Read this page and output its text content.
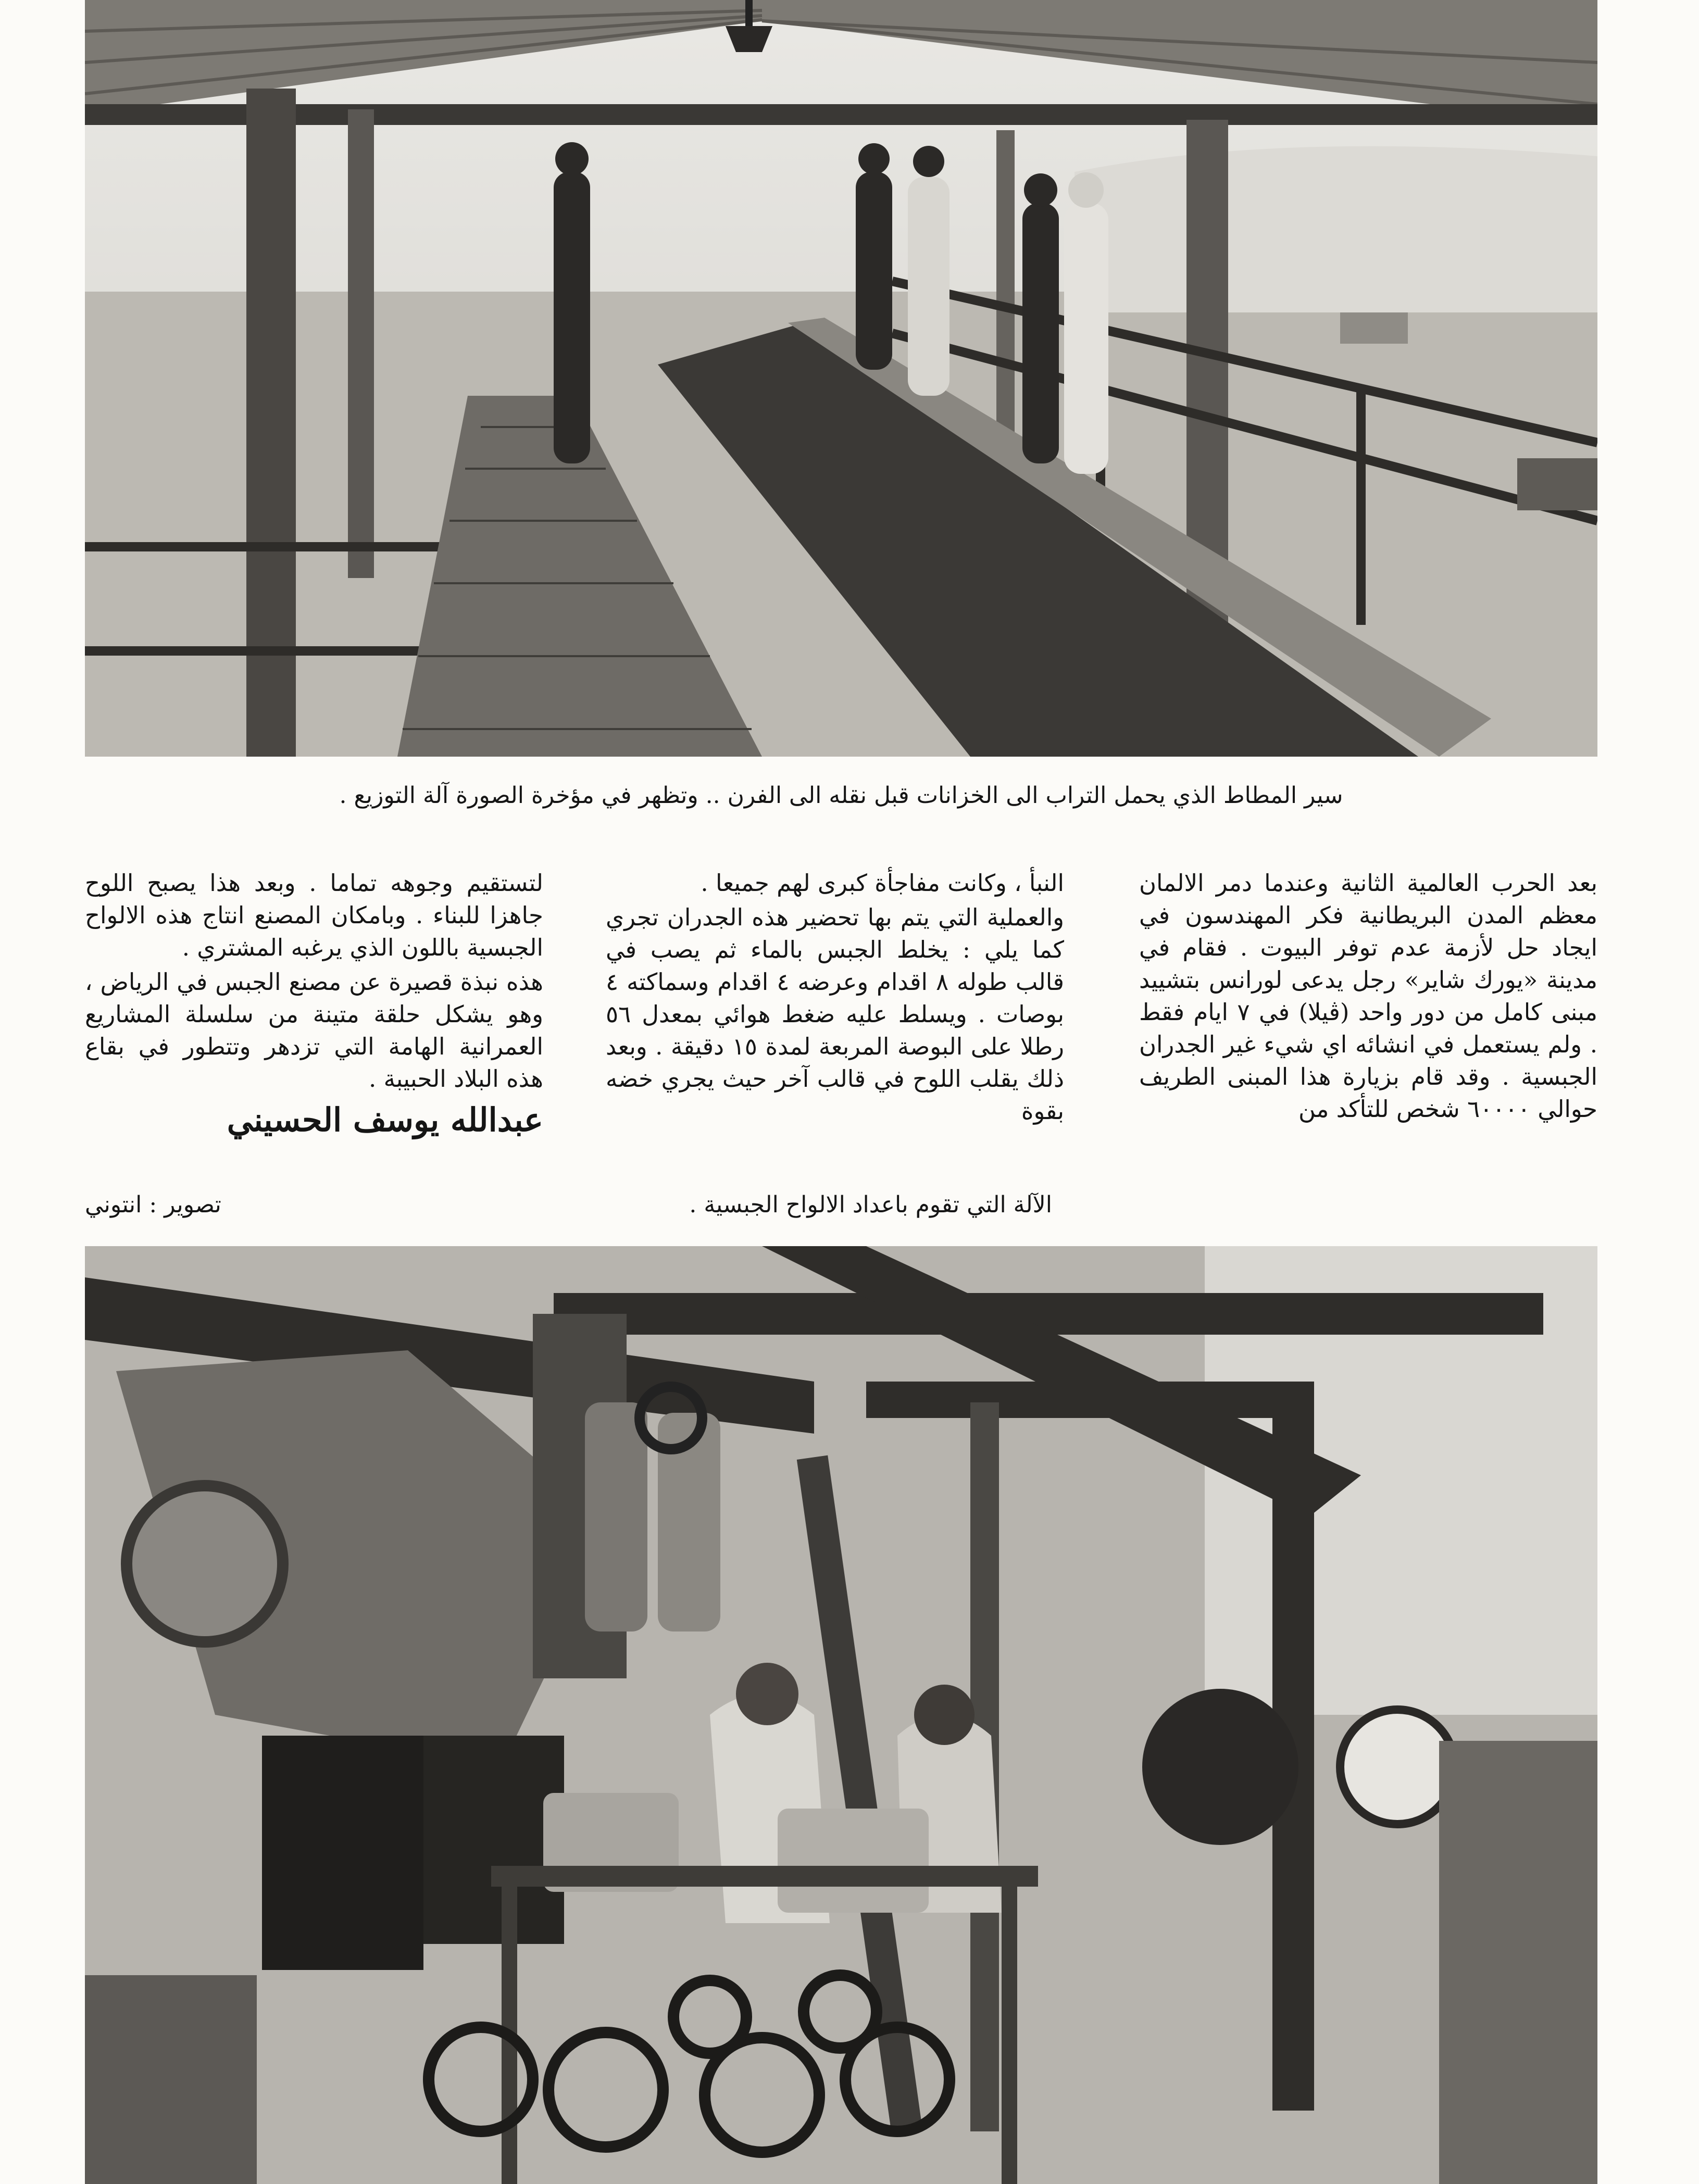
سير المطاط الذي يحمل التراب الى الخزانات قبل نقله الى الفرن .. وتظهر في مؤخرة الصورة آلة التوزيع .

بعد الحرب العالمية الثانية وعندما دمر الالمان معظم المدن البريطانية فكر المهندسون في ايجاد حل لأزمة عدم توفر البيوت . فقام في مدينة «يورك شاير» رجل يدعى لورانس بتشييد مبنى كامل من دور واحد (ڤيلا) في ٧ ايام فقط . ولم يستعمل في انشائه اي شيء غير الجدران الجبسية . وقد قام بزيارة هذا المبنى الطريف حوالي ٦٠٠٠٠ شخص للتأكد من

النبأ ، وكانت مفاجأة كبرى لهم جميعا .

والعملية التي يتم بها تحضير هذه الجدران تجري كما يلي : يخلط الجبس بالماء ثم يصب في قالب طوله ٨ اقدام وعرضه ٤ اقدام وسماكته ٤ بوصات . ويسلط عليه ضغط هوائي بمعدل ٥٦ رطلا على البوصة المربعة لمدة ١٥ دقيقة . وبعد ذلك يقلب اللوح في قالب آخر حيث يجري خضه بقوة

لتستقيم وجوهه تماما . وبعد هذا يصبح اللوح جاهزا للبناء . وبامكان المصنع انتاج هذه الالواح الجبسية باللون الذي يرغبه المشتري .

هذه نبذة قصيرة عن مصنع الجبس في الرياض ، وهو يشكل حلقة متينة من سلسلة المشاريع العمرانية الهامة التي تزدهر وتتطور في بقاع هذه البلاد الحبيبة .

عبدالله يوسف الحسيني
الآلة التي تقوم باعداد الالواح الجبسية .
تصوير : انتوني
